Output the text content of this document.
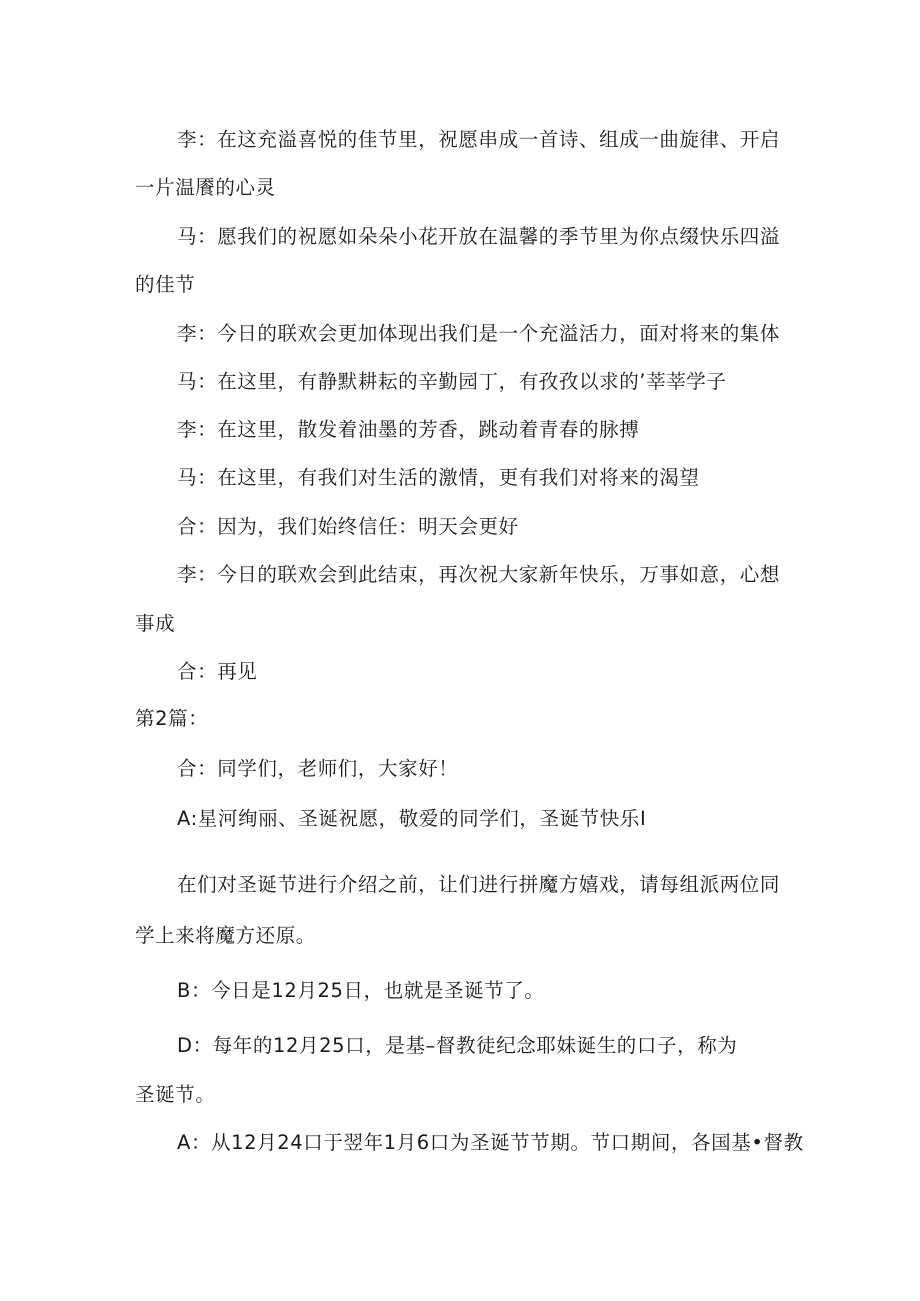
李：在这充溢喜悦的佳节里，祝愿串成一首诗、组成一曲旋律、开启
一片温餍的心灵
马：愿我们的祝愿如朵朵小花开放在温馨的季节里为你点缀快乐四溢
的佳节
李：今日的联欢会更加体现出我们是一个充溢活力，面对将来的集体
马：在这里，有静默耕耘的辛勤园丁，有孜孜以求的’莘莘学子
李：在这里，散发着油墨的芳香，跳动着青春的脉搏
马：在这里，有我们对生活的激情，更有我们对将来的渴望
合：因为，我们始终信任：明天会更好
李：今日的联欢会到此结束，再次祝大家新年快乐，万事如意，心想
事成
合：再见
第2篇：
合：同学们，老师们，大家好！
A:星河绚丽、圣诞祝愿，敬爱的同学们，圣诞节快乐I
在们对圣诞节进行介绍之前，让们进行拼魔方嬉戏，请每组派两位同
学上来将魔方还原。
B：今日是12月25日，也就是圣诞节了。
D：每年的12月25口，是基–督教徒纪念耶妹诞生的口子，称为
圣诞节。
A：从12月24口于翌年1月6口为圣诞节节期。节口期间，各国基•督教
